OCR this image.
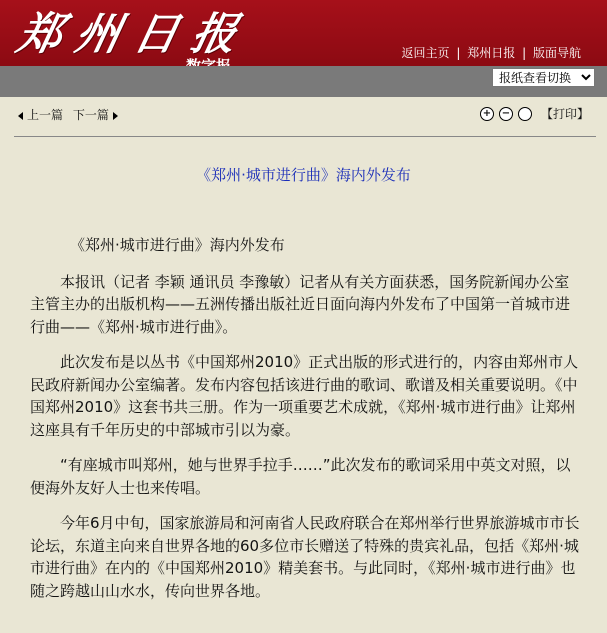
郑州日报	返回主页 | 郑州日报 | 版面导航
报纸查看切换
上一篇 下一篇	+ −	【打印】
《郑州·城市进行曲》海内外发布

《郑州·城市进行曲》海内外发布

本报讯（记者 李颖 通讯员 李豫敏）记者从有关方面获悉，国务院新闻办公室主管主办的出版机构——五洲传播出版社近日面向海内外发布了中国第一首城市进行曲——《郑州·城市进行曲》。

此次发布是以丛书《中国郑州2010》正式出版的形式进行的，内容由郑州市人民政府新闻办公室编著。发布内容包括该进行曲的歌词、歌谱及相关重要说明。《中国郑州2010》这套书共三册。作为一项重要艺术成就，《郑州·城市进行曲》让郑州这座具有千年历史的中部城市引以为豪。

“有座城市叫郑州，她与世界手拉手……”此次发布的歌词采用中英文对照，以便海外友好人士也来传唱。

今年6月中旬，国家旅游局和河南省人民政府联合在郑州举行世界旅游城市市长论坛，东道主向来自世界各地的60多位市长赠送了特殊的贵宾礼品，包括《郑州·城市进行曲》在内的《中国郑州2010》精美套书。与此同时，《郑州·城市进行曲》也随之跨越山山水水，传向世界各地。
